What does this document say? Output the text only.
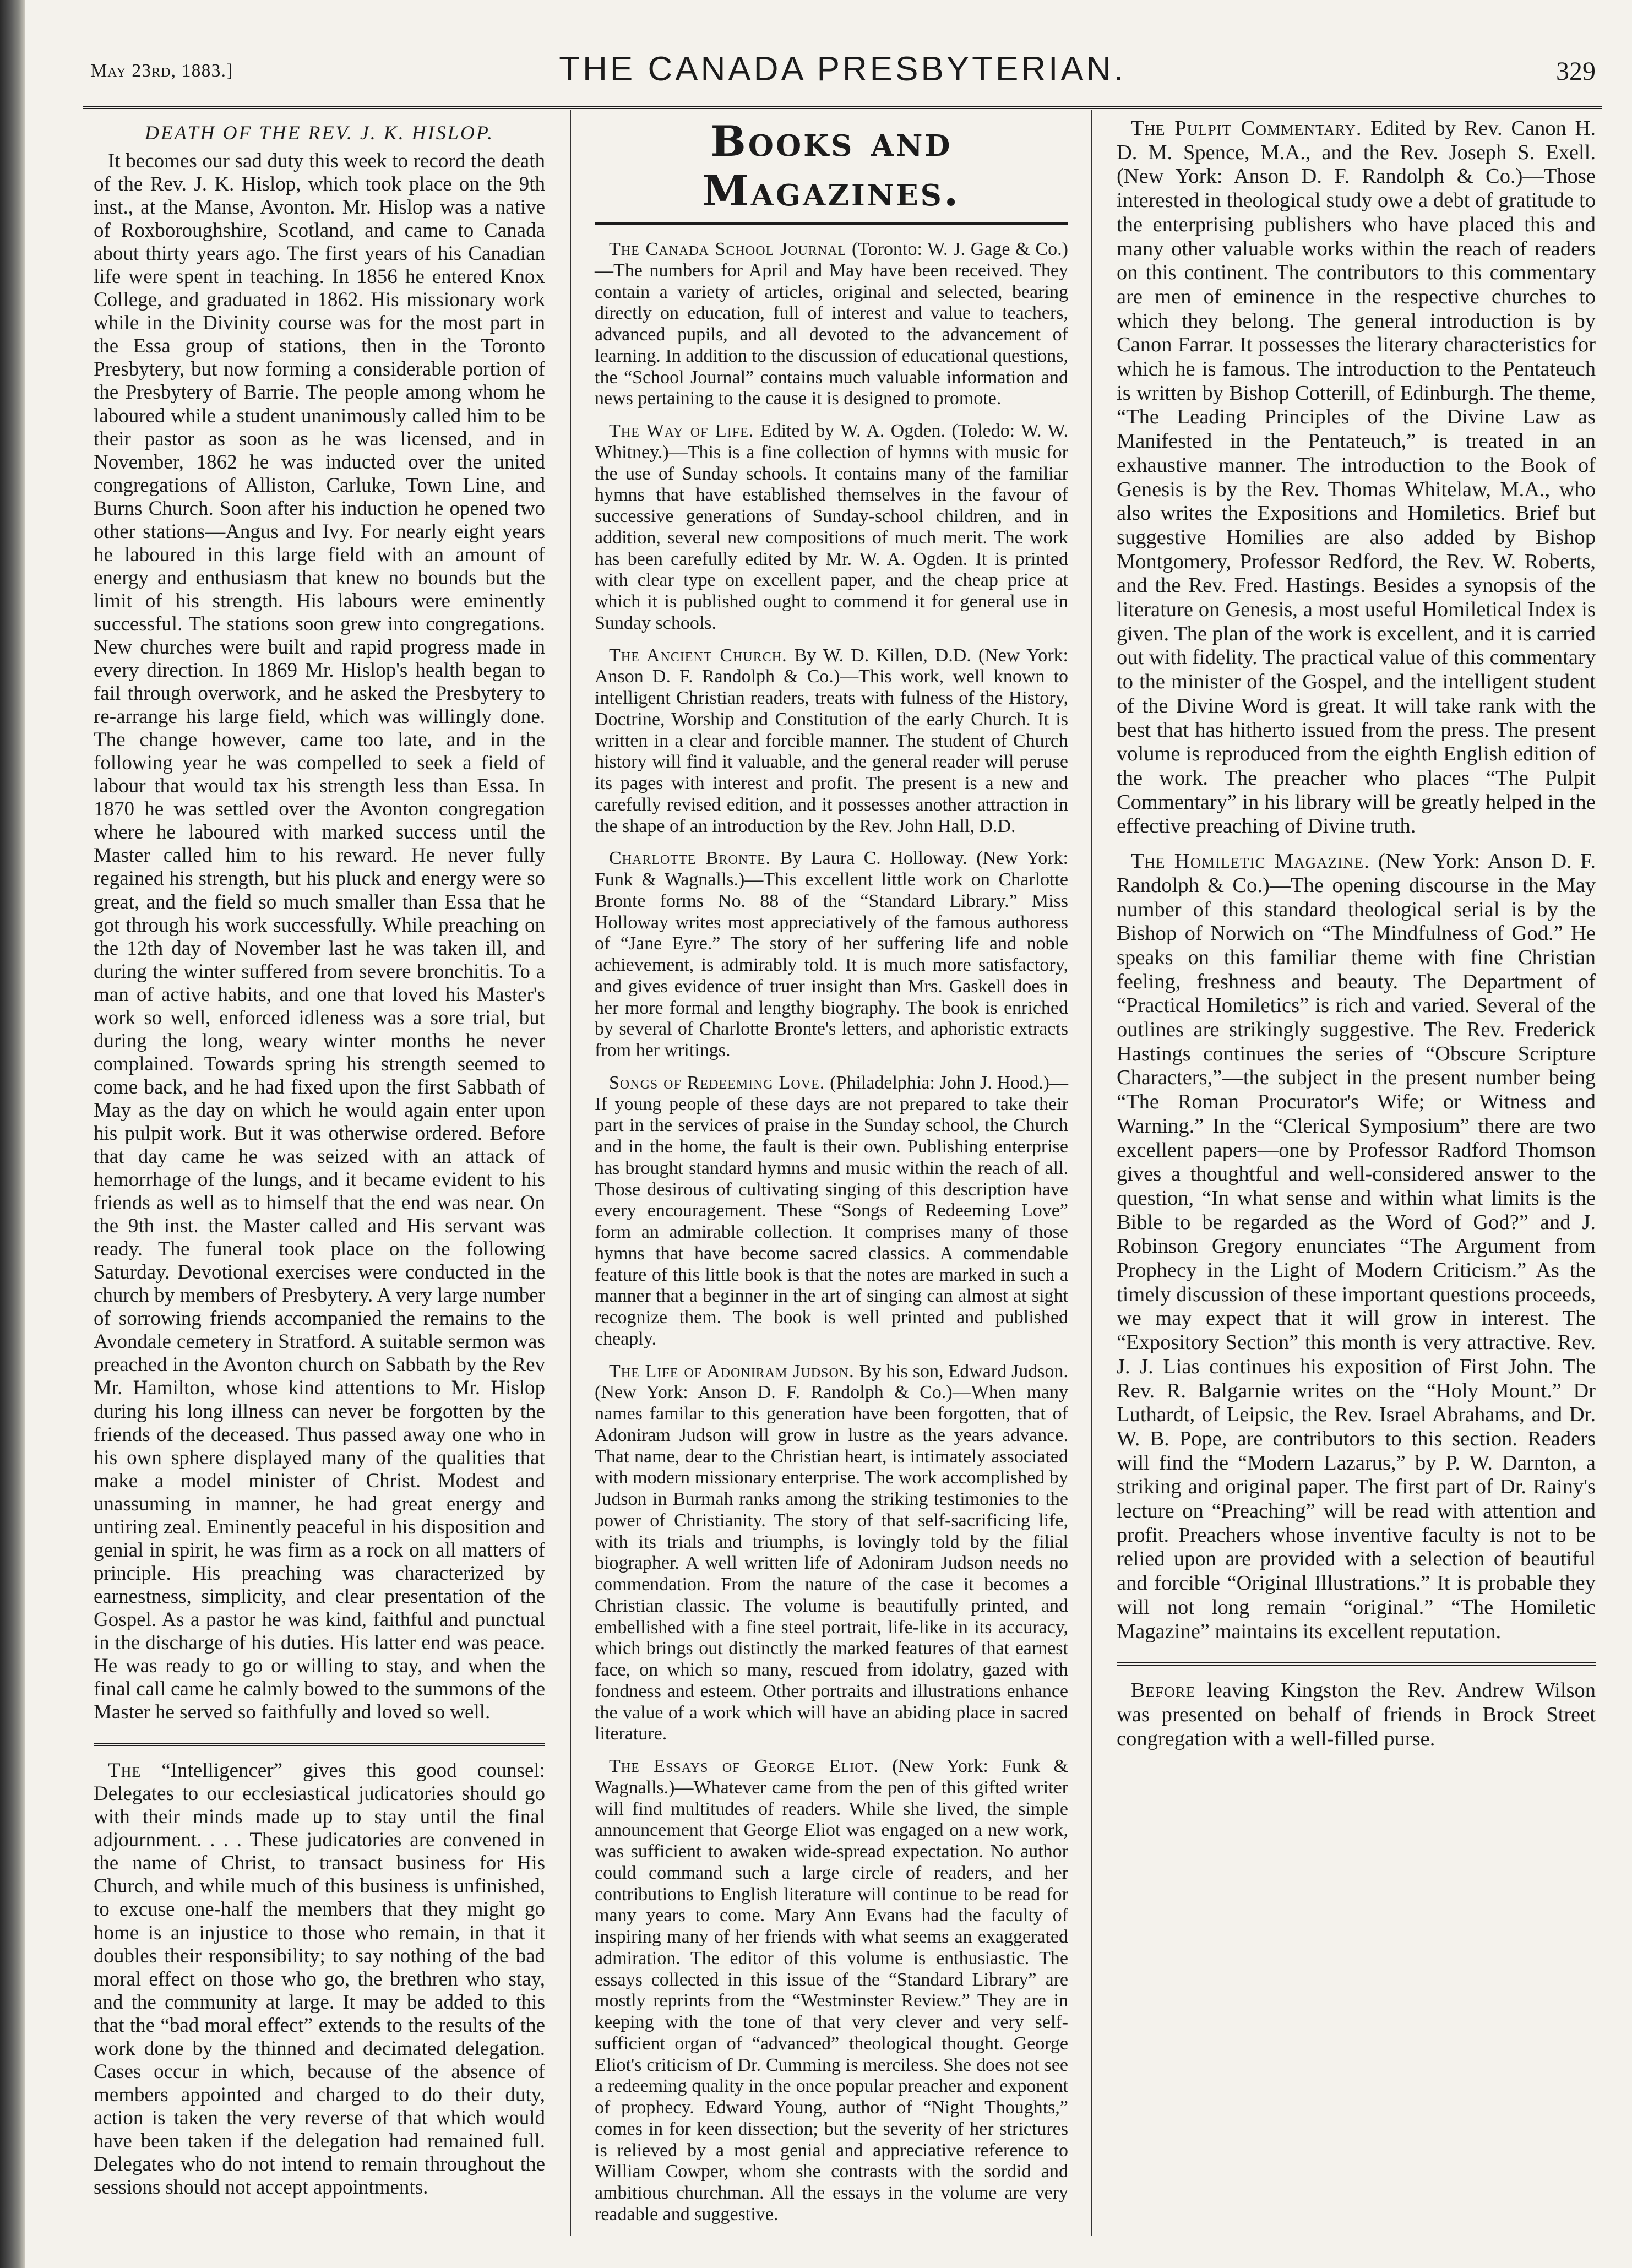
May 23rd, 1883.]	THE CANADA PRESBYTERIAN.	329
DEATH OF THE REV. J. K. HISLOP.

It becomes our sad duty this week to record the death of the Rev. J. K. Hislop, which took place on the 9th inst., at the Manse, Avonton. Mr. Hislop was a native of Roxboroughshire, Scotland, and came to Canada about thirty years ago. The first years of his Canadian life were spent in teaching. In 1856 he entered Knox College, and graduated in 1862. His missionary work while in the Divinity course was for the most part in the Essa group of stations, then in the Toronto Presbytery, but now forming a considerable portion of the Presbytery of Barrie. The people among whom he laboured while a student unanimously called him to be their pastor as soon as he was licensed, and in November, 1862 he was inducted over the united congregations of Alliston, Carluke, Town Line, and Burns Church. Soon after his induction he opened two other stations—Angus and Ivy. For nearly eight years he laboured in this large field with an amount of energy and enthusiasm that knew no bounds but the limit of his strength. His labours were eminently successful. The stations soon grew into congregations. New churches were built and rapid progress made in every direction. In 1869 Mr. Hislop's health began to fail through overwork, and he asked the Presbytery to re-arrange his large field, which was willingly done. The change however, came too late, and in the following year he was compelled to seek a field of labour that would tax his strength less than Essa. In 1870 he was settled over the Avonton congregation where he laboured with marked success until the Master called him to his reward. He never fully regained his strength, but his pluck and energy were so great, and the field so much smaller than Essa that he got through his work successfully. While preaching on the 12th day of November last he was taken ill, and during the winter suffered from severe bronchitis. To a man of active habits, and one that loved his Master's work so well, enforced idleness was a sore trial, but during the long, weary winter months he never complained. Towards spring his strength seemed to come back, and he had fixed upon the first Sabbath of May as the day on which he would again enter upon his pulpit work. But it was otherwise ordered. Before that day came he was seized with an attack of hemorrhage of the lungs, and it became evident to his friends as well as to himself that the end was near. On the 9th inst. the Master called and His servant was ready. The funeral took place on the following Saturday. Devotional exercises were conducted in the church by members of Presbytery. A very large number of sorrowing friends accompanied the remains to the Avondale cemetery in Stratford. A suitable sermon was preached in the Avonton church on Sabbath by the Rev Mr. Hamilton, whose kind attentions to Mr. Hislop during his long illness can never be forgotten by the friends of the deceased. Thus passed away one who in his own sphere displayed many of the qualities that make a model minister of Christ. Modest and unassuming in manner, he had great energy and untiring zeal. Eminently peaceful in his disposition and genial in spirit, he was firm as a rock on all matters of principle. His preaching was characterized by earnestness, simplicity, and clear presentation of the Gospel. As a pastor he was kind, faithful and punctual in the discharge of his duties. His latter end was peace. He was ready to go or willing to stay, and when the final call came he calmly bowed to the summons of the Master he served so faithfully and loved so well.

The “Intelligencer” gives this good counsel: Delegates to our ecclesiastical judicatories should go with their minds made up to stay until the final adjournment. . . . These judicatories are convened in the name of Christ, to transact business for His Church, and while much of this business is unfinished, to excuse one-half the members that they might go home is an injustice to those who remain, in that it doubles their responsibility; to say nothing of the bad moral effect on those who go, the brethren who stay, and the community at large. It may be added to this that the “bad moral effect” extends to the results of the work done by the thinned and decimated delegation. Cases occur in which, because of the absence of members appointed and charged to do their duty, action is taken the very reverse of that which would have been taken if the delegation had remained full. Delegates who do not intend to remain throughout the sessions should not accept appointments.

Books and Magazines.

The Canada School Journal (Toronto: W. J. Gage & Co.)—The numbers for April and May have been received. They contain a variety of articles, original and selected, bearing directly on education, full of interest and value to teachers, advanced pupils, and all devoted to the advancement of learning. In addition to the discussion of educational questions, the “School Journal” contains much valuable information and news pertaining to the cause it is designed to promote.

The Way of Life. Edited by W. A. Ogden. (Toledo: W. W. Whitney.)—This is a fine collection of hymns with music for the use of Sunday schools. It contains many of the familiar hymns that have established themselves in the favour of successive generations of Sunday-school children, and in addition, several new compositions of much merit. The work has been carefully edited by Mr. W. A. Ogden. It is printed with clear type on excellent paper, and the cheap price at which it is published ought to commend it for general use in Sunday schools.

The Ancient Church. By W. D. Killen, D.D. (New York: Anson D. F. Randolph & Co.)—This work, well known to intelligent Christian readers, treats with fulness of the History, Doctrine, Worship and Constitution of the early Church. It is written in a clear and forcible manner. The student of Church history will find it valuable, and the general reader will peruse its pages with interest and profit. The present is a new and carefully revised edition, and it possesses another attraction in the shape of an introduction by the Rev. John Hall, D.D.

Charlotte Bronte. By Laura C. Holloway. (New York: Funk & Wagnalls.)—This excellent little work on Charlotte Bronte forms No. 88 of the “Standard Library.” Miss Holloway writes most appreciatively of the famous authoress of “Jane Eyre.” The story of her suffering life and noble achievement, is admirably told. It is much more satisfactory, and gives evidence of truer insight than Mrs. Gaskell does in her more formal and lengthy biography. The book is enriched by several of Charlotte Bronte's letters, and aphoristic extracts from her writings.

Songs of Redeeming Love. (Philadelphia: John J. Hood.)—If young people of these days are not prepared to take their part in the services of praise in the Sunday school, the Church and in the home, the fault is their own. Publishing enterprise has brought standard hymns and music within the reach of all. Those desirous of cultivating singing of this description have every encouragement. These “Songs of Redeeming Love” form an admirable collection. It comprises many of those hymns that have become sacred classics. A commendable feature of this little book is that the notes are marked in such a manner that a beginner in the art of singing can almost at sight recognize them. The book is well printed and published cheaply.

The Life of Adoniram Judson. By his son, Edward Judson. (New York: Anson D. F. Randolph & Co.)—When many names familar to this generation have been forgotten, that of Adoniram Judson will grow in lustre as the years advance. That name, dear to the Christian heart, is intimately associated with modern missionary enterprise. The work accomplished by Judson in Burmah ranks among the striking testimonies to the power of Christianity. The story of that self-sacrificing life, with its trials and triumphs, is lovingly told by the filial biographer. A well written life of Adoniram Judson needs no commendation. From the nature of the case it becomes a Christian classic. The volume is beautifully printed, and embellished with a fine steel portrait, life-like in its accuracy, which brings out distinctly the marked features of that earnest face, on which so many, rescued from idolatry, gazed with fondness and esteem. Other portraits and illustrations enhance the value of a work which will have an abiding place in sacred literature.

The Essays of George Eliot. (New York: Funk & Wagnalls.)—Whatever came from the pen of this gifted writer will find multitudes of readers. While she lived, the simple announcement that George Eliot was engaged on a new work, was sufficient to awaken wide-spread expectation. No author could command such a large circle of readers, and her contributions to English literature will continue to be read for many years to come. Mary Ann Evans had the faculty of inspiring many of her friends with what seems an exaggerated admiration. The editor of this volume is enthusiastic. The essays collected in this issue of the “Standard Library” are mostly reprints from the “Westminster Review.” They are in keeping with the tone of that very clever and very self-sufficient organ of “advanced” theological thought. George Eliot's criticism of Dr. Cumming is merciless. She does not see a redeeming quality in the once popular preacher and exponent of prophecy. Edward Young, author of “Night Thoughts,” comes in for keen dissection; but the severity of her strictures is relieved by a most genial and appreciative reference to William Cowper, whom she contrasts with the sordid and ambitious churchman. All the essays in the volume are very readable and suggestive.

The Pulpit Commentary. Edited by Rev. Canon H. D. M. Spence, M.A., and the Rev. Joseph S. Exell. (New York: Anson D. F. Randolph & Co.)—Those interested in theological study owe a debt of gratitude to the enterprising publishers who have placed this and many other valuable works within the reach of readers on this continent. The contributors to this commentary are men of eminence in the respective churches to which they belong. The general introduction is by Canon Farrar. It possesses the literary characteristics for which he is famous. The introduction to the Pentateuch is written by Bishop Cotterill, of Edinburgh. The theme, “The Leading Principles of the Divine Law as Manifested in the Pentateuch,” is treated in an exhaustive manner. The introduction to the Book of Genesis is by the Rev. Thomas Whitelaw, M.A., who also writes the Expositions and Homiletics. Brief but suggestive Homilies are also added by Bishop Montgomery, Professor Redford, the Rev. W. Roberts, and the Rev. Fred. Hastings. Besides a synopsis of the literature on Genesis, a most useful Homiletical Index is given. The plan of the work is excellent, and it is carried out with fidelity. The practical value of this commentary to the minister of the Gospel, and the intelligent student of the Divine Word is great. It will take rank with the best that has hitherto issued from the press. The present volume is reproduced from the eighth English edition of the work. The preacher who places “The Pulpit Commentary” in his library will be greatly helped in the effective preaching of Divine truth.

The Homiletic Magazine. (New York: Anson D. F. Randolph & Co.)—The opening discourse in the May number of this standard theological serial is by the Bishop of Norwich on “The Mindfulness of God.” He speaks on this familiar theme with fine Christian feeling, freshness and beauty. The Department of “Practical Homiletics” is rich and varied. Several of the outlines are strikingly suggestive. The Rev. Frederick Hastings continues the series of “Obscure Scripture Characters,”—the subject in the present number being “The Roman Procurator's Wife; or Witness and Warning.” In the “Clerical Symposium” there are two excellent papers—one by Professor Radford Thomson gives a thoughtful and well-considered answer to the question, “In what sense and within what limits is the Bible to be regarded as the Word of God?” and J. Robinson Gregory enunciates “The Argument from Prophecy in the Light of Modern Criticism.” As the timely discussion of these important questions proceeds, we may expect that it will grow in interest. The “Expository Section” this month is very attractive. Rev. J. J. Lias continues his exposition of First John. The Rev. R. Balgarnie writes on the “Holy Mount.” Dr Luthardt, of Leipsic, the Rev. Israel Abrahams, and Dr. W. B. Pope, are contributors to this section. Readers will find the “Modern Lazarus,” by P. W. Darnton, a striking and original paper. The first part of Dr. Rainy's lecture on “Preaching” will be read with attention and profit. Preachers whose inventive faculty is not to be relied upon are provided with a selection of beautiful and forcible “Original Illustrations.” It is probable they will not long remain “original.” “The Homiletic Magazine” maintains its excellent reputation.

Before leaving Kingston the Rev. Andrew Wilson was presented on behalf of friends in Brock Street congregation with a well-filled purse.
